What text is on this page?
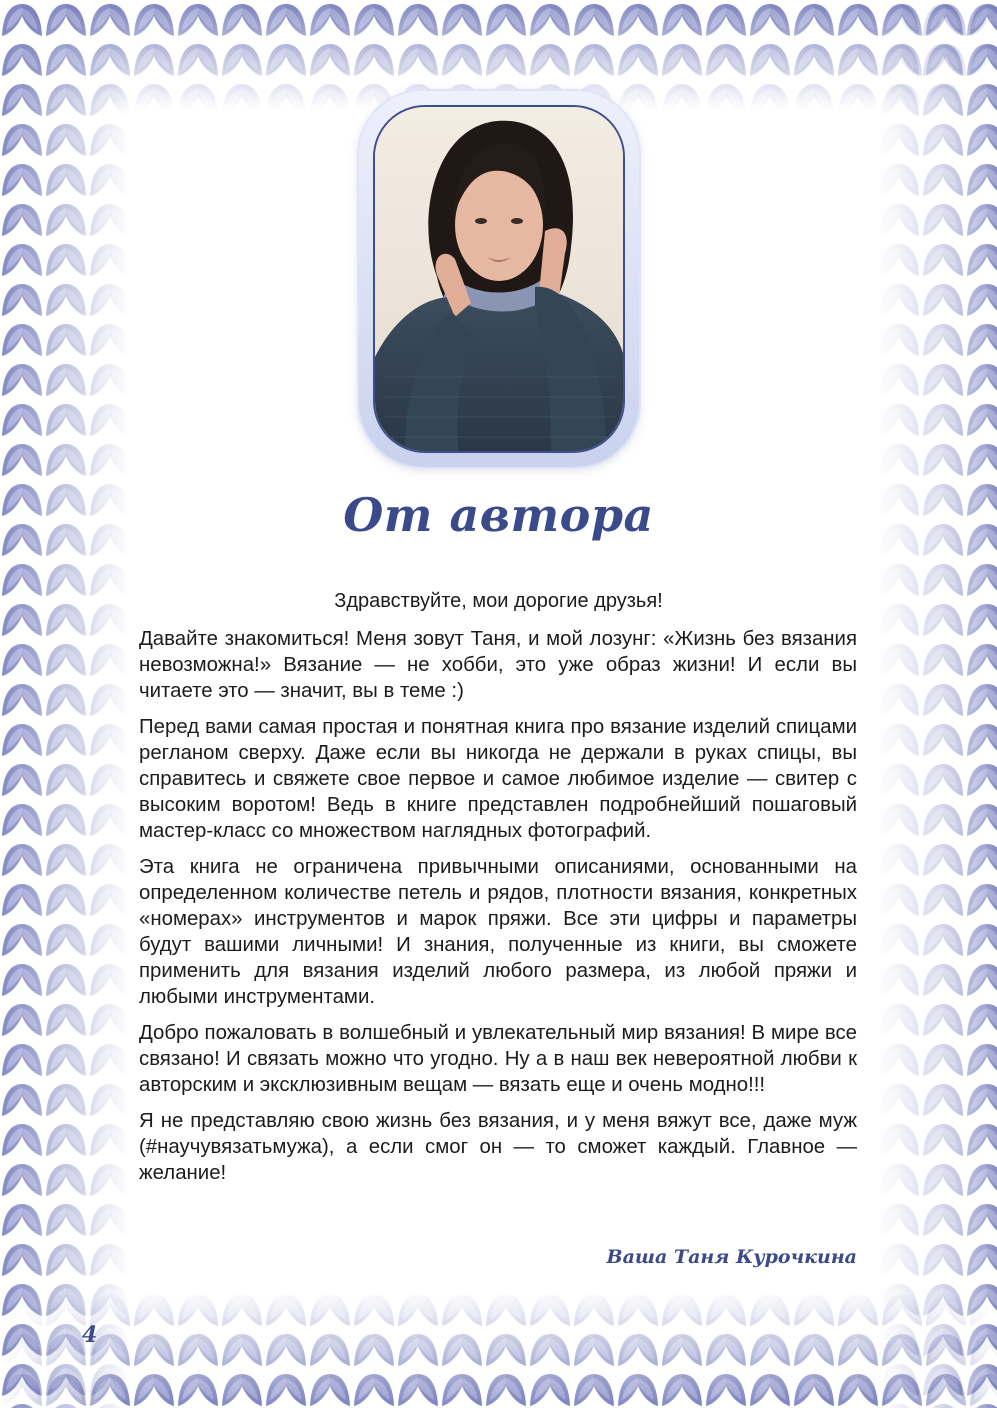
От автора

Здравствуйте, мои дорогие друзья!

Давайте знакомиться! Меня зовут Таня, и мой лозунг: «Жизнь без вязания невозможна!» Вязание — не хобби, это уже образ жизни! И если вы читаете это — значит, вы в теме :)

Перед вами самая простая и понятная книга про вязание изделий спицами регланом сверху. Даже если вы никогда не держали в руках спицы, вы справитесь и свяжете свое первое и самое любимое изделие — свитер с высоким воротом! Ведь в книге представлен подробнейший пошаговый мастер-класс со множеством наглядных фотографий.

Эта книга не ограничена привычными описаниями, основанными на определенном количестве петель и рядов, плотности вязания, конкретных «номерах» инструментов и марок пряжи. Все эти цифры и параметры будут вашими личными! И знания, полученные из книги, вы сможете применить для вязания изделий любого размера, из любой пряжи и любыми инструментами.

Добро пожаловать в волшебный и увлекательный мир вязания! В мире все связано! И связать можно что угодно. Ну а в наш век невероятной любви к авторским и эксклюзивным вещам — вязать еще и очень модно!!!

Я не представляю свою жизнь без вязания, и у меня вяжут все, даже муж (#научувязатьмужа), а если смог он — то сможет каждый. Главное — желание!

Ваша Таня Курочкина

4
